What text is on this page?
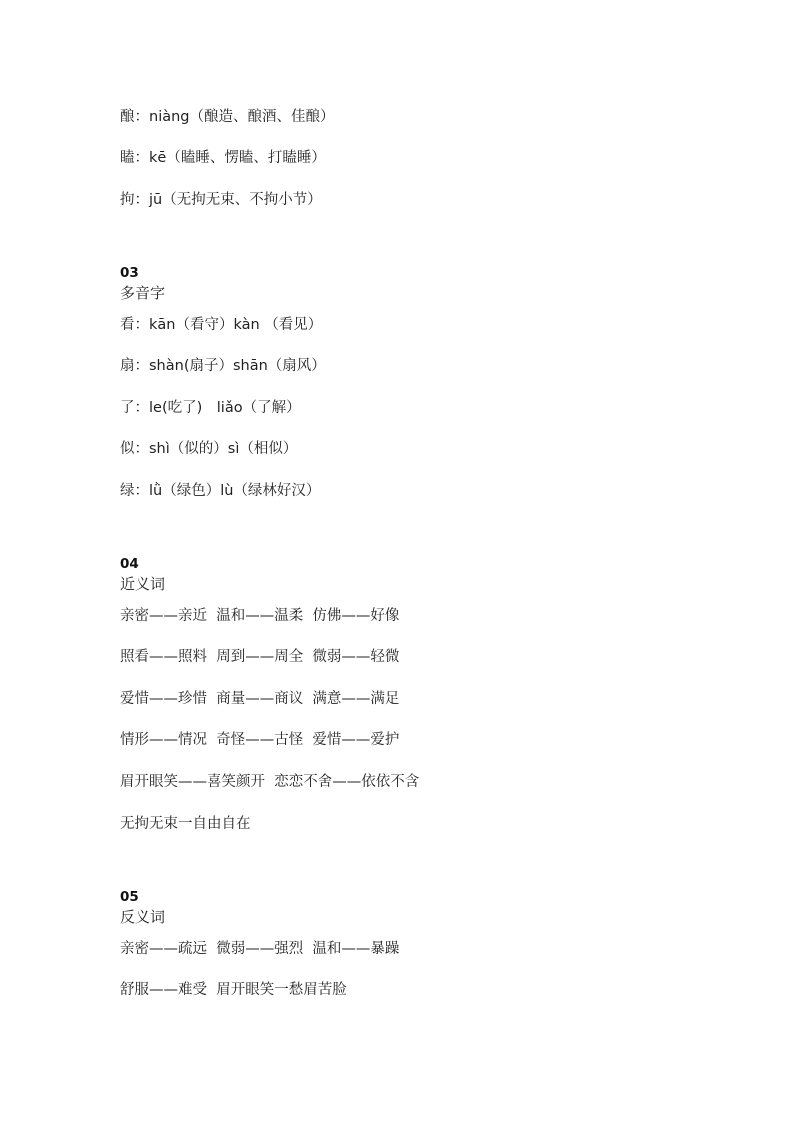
酿：niàng（酿造、酿酒、佳酿）
瞌：kē（瞌睡、愣瞌、打瞌睡）
拘：jū（无拘无束、不拘小节）
03
多音字
看：kān（看守）kàn （看见）
扇：shàn(扇子）shān（扇风）
了：le(吃了)　liǎo（了解）
似：shì（似的）sì（相似）
绿：lǜ（绿色）lù（绿林好汉）
04
近义词
亲密——亲近  温和——温柔  仿佛——好像
照看——照料  周到——周全  微弱——轻微
爱惜——珍惜  商量——商议  满意——满足
情形——情况  奇怪——古怪  爱惜——爱护
眉开眼笑——喜笑颜开  恋恋不舍——依依不含
无拘无束一自由自在
05
反义词
亲密——疏远  微弱——强烈  温和——暴躁
舒服——难受  眉开眼笑一愁眉苦脸
